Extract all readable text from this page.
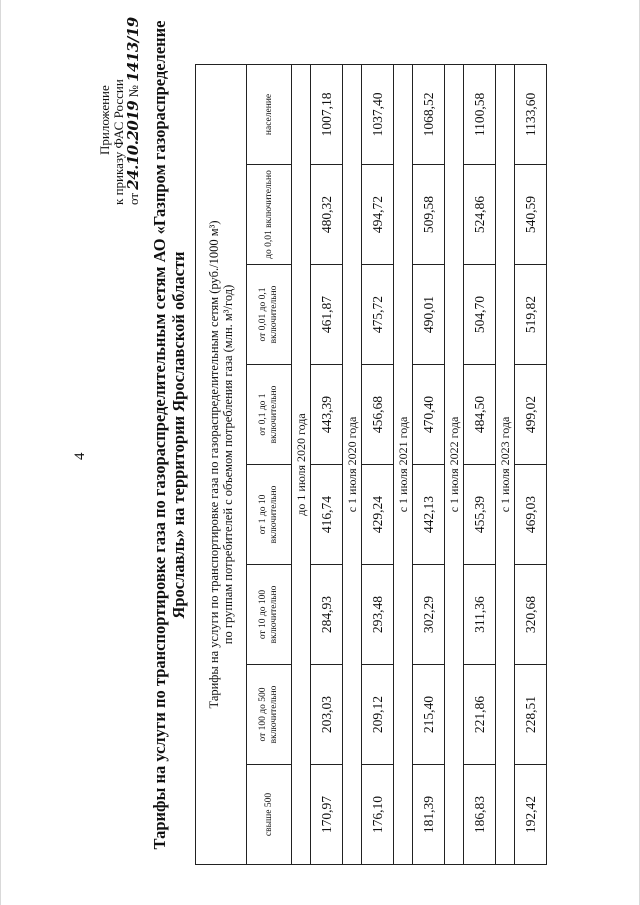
4
Приложение к приказу ФАС России от 24.10.2019 № 1413/19 Тарифы на услуги по транспортировке газа по газораспределительным сетям АО «Газпром газораспределение Ярославль» на территории Ярославской области Тарифы на услуги по транспортировке газа по газораспределительным сетям (руб./1000 м³) по группам потребителей с объемом потребления газа (млн. м³/год)							

свыше 500	от 100 до 500 включительно	от 10 до 100 включительно	от 1 до 10 включительно	от 0,1 до 1 включительно	от 0,01 до 0,1 включительно	до 0,01 включительно	население
до 1 июля 2020 года							
170,97	203,03	284,93	416,74	443,39	461,87	480,32	1007,18
с 1 июля 2020 года							
176,10	209,12	293,48	429,24	456,68	475,72	494,72	1037,40
с 1 июля 2021 года							
181,39	215,40	302,29	442,13	470,40	490,01	509,58	1068,52
с 1 июля 2022 года							
186,83	221,86	311,36	455,39	484,50	504,70	524,86	1100,58
с 1 июля 2023 года							
192,42	228,51	320,68	469,03	499,02	519,82	540,59	1133,60
